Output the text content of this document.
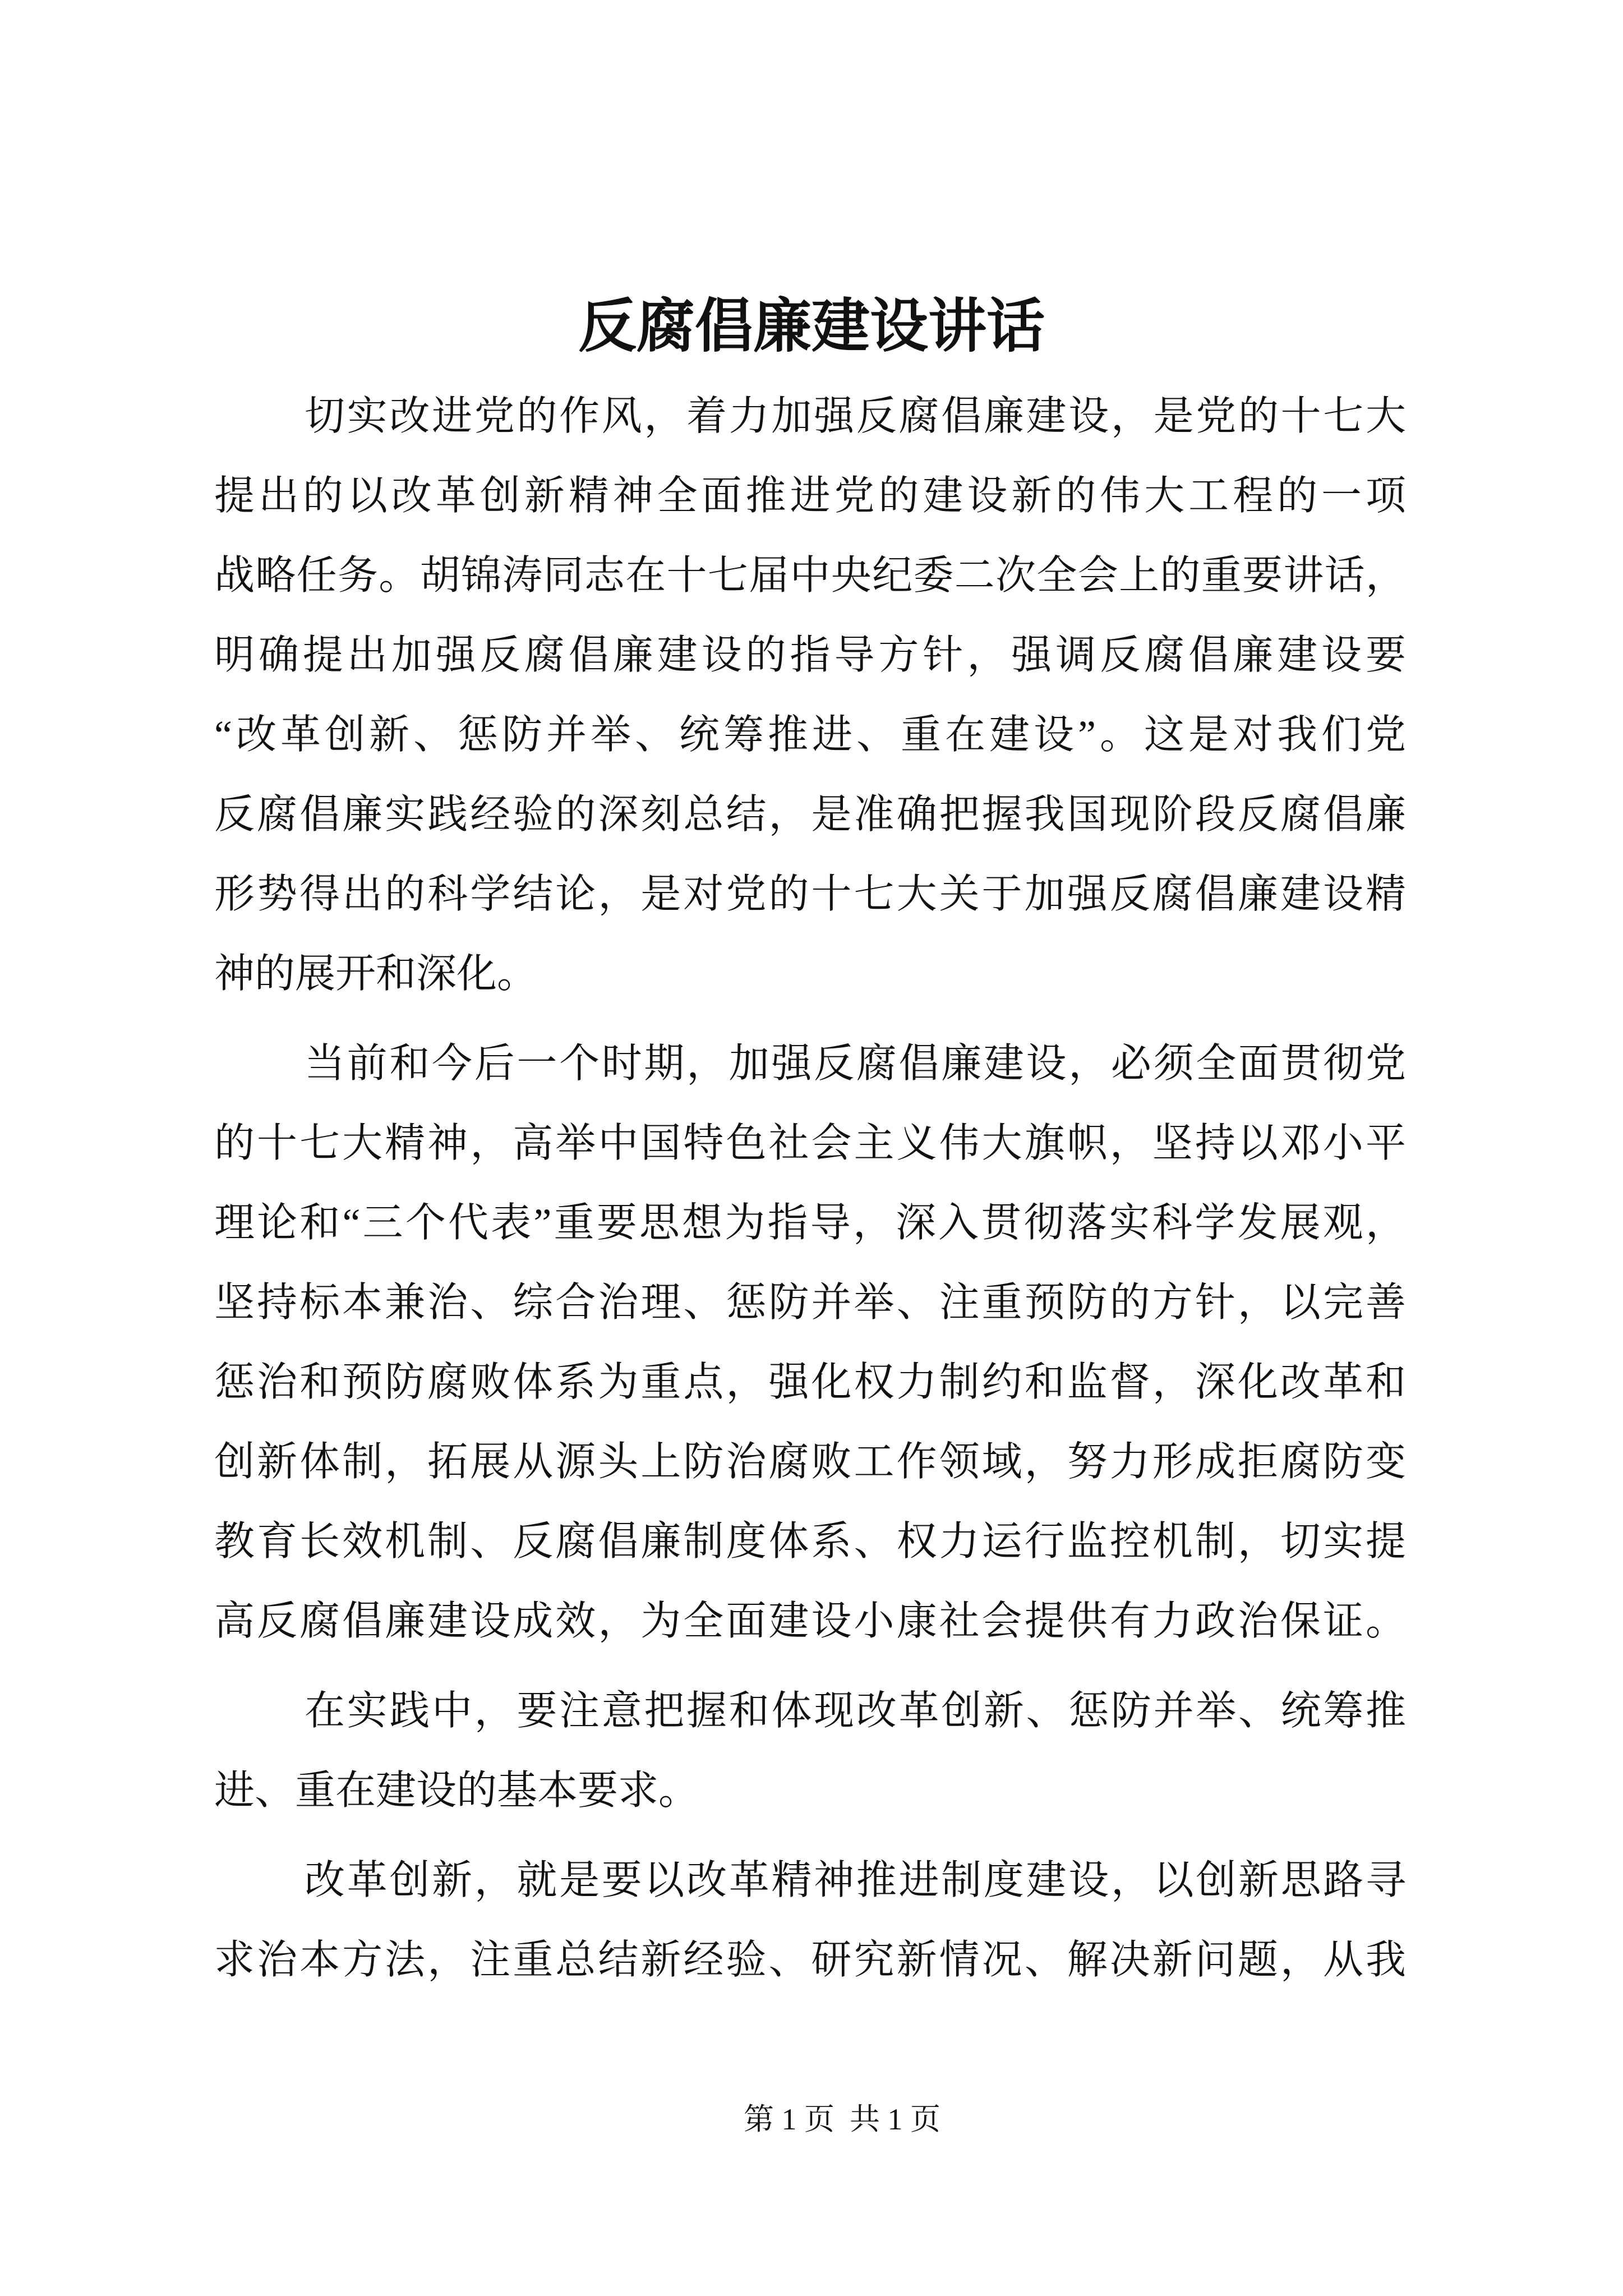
反腐倡廉建设讲话
切实改进党的作风，着力加强反腐倡廉建设，是党的十七大
提出的以改革创新精神全面推进党的建设新的伟大工程的一项
战略任务。胡锦涛同志在十七届中央纪委二次全会上的重要讲话，
明确提出加强反腐倡廉建设的指导方针，强调反腐倡廉建设要
“改革创新、惩防并举、统筹推进、重在建设”。这是对我们党
反腐倡廉实践经验的深刻总结，是准确把握我国现阶段反腐倡廉
形势得出的科学结论，是对党的十七大关于加强反腐倡廉建设精
神的展开和深化。
当前和今后一个时期，加强反腐倡廉建设，必须全面贯彻党
的十七大精神，高举中国特色社会主义伟大旗帜，坚持以邓小平
理论和“三个代表”重要思想为指导，深入贯彻落实科学发展观，
坚持标本兼治、综合治理、惩防并举、注重预防的方针，以完善
惩治和预防腐败体系为重点，强化权力制约和监督，深化改革和
创新体制，拓展从源头上防治腐败工作领域，努力形成拒腐防变
教育长效机制、反腐倡廉制度体系、权力运行监控机制，切实提
高反腐倡廉建设成效，为全面建设小康社会提供有力政治保证。
在实践中，要注意把握和体现改革创新、惩防并举、统筹推
进、重在建设的基本要求。
改革创新，就是要以改革精神推进制度建设，以创新思路寻
求治本方法，注重总结新经验、研究新情况、解决新问题，从我
第 1 页  共 1 页
